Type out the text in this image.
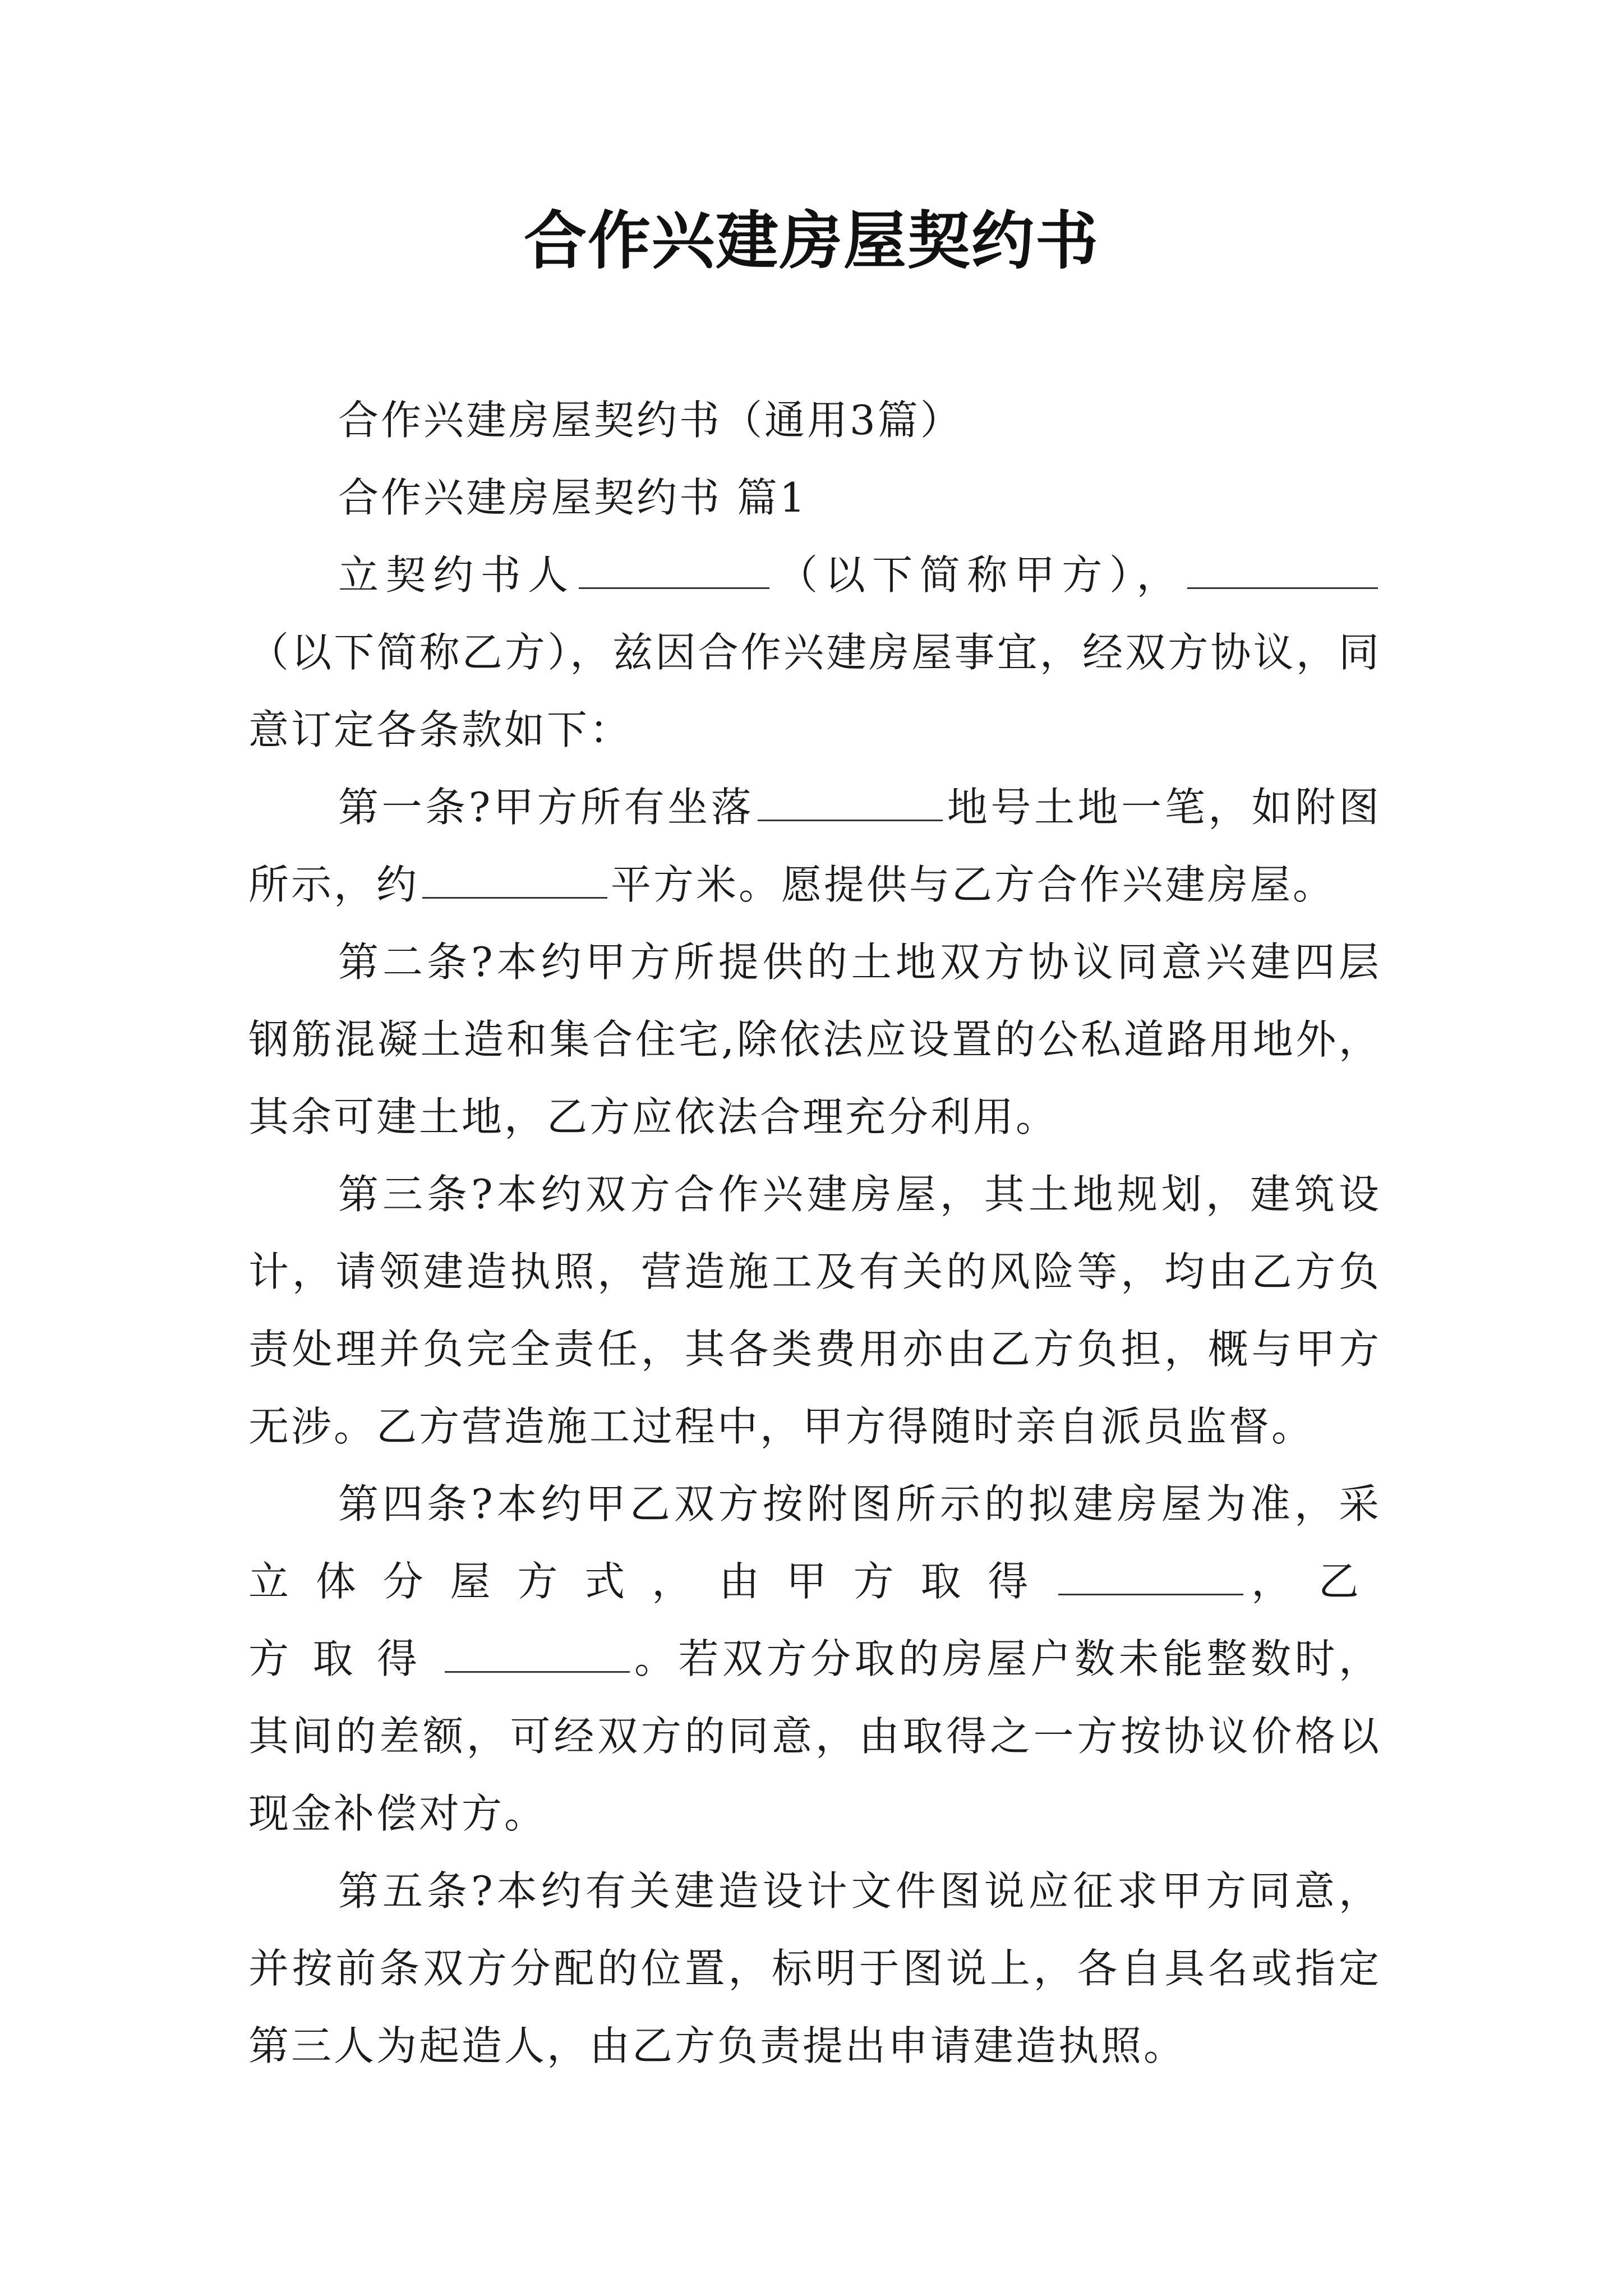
合作兴建房屋契约书

合作兴建房屋契约书（通用3篇）

合作兴建房屋契约书 篇1

立契约书人	（以下简称甲方），（以下简称乙方），兹因合作兴建房屋事宜，经双方协议，同意订定各条款如下：

第一条?甲方所有坐落	地号土地一笔，如附图所示，约	平方米。愿提供与乙方合作兴建房屋。

第二条?本约甲方所提供的土地双方协议同意兴建四层钢筋混凝土造和集合住宅,除依法应设置的公私道路用地外，其余可建土地，乙方应依法合理充分利用。

第三条?本约双方合作兴建房屋，其土地规划，建筑设计，请领建造执照，营造施工及有关的风险等，均由乙方负责处理并负完全责任，其各类费用亦由乙方负担，概与甲方无涉。乙方营造施工过程中，甲方得随时亲自派员监督。

第四条?本约甲乙双方按附图所示的拟建房屋为准，采立体分屋方式，由甲方取得	，乙方取得	。若双方分取的房屋户数未能整数时，其间的差额，可经双方的同意，由取得之一方按协议价格以现金补偿对方。

第五条?本约有关建造设计文件图说应征求甲方同意，并按前条双方分配的位置，标明于图说上，各自具名或指定第三人为起造人，由乙方负责提出申请建造执照。
